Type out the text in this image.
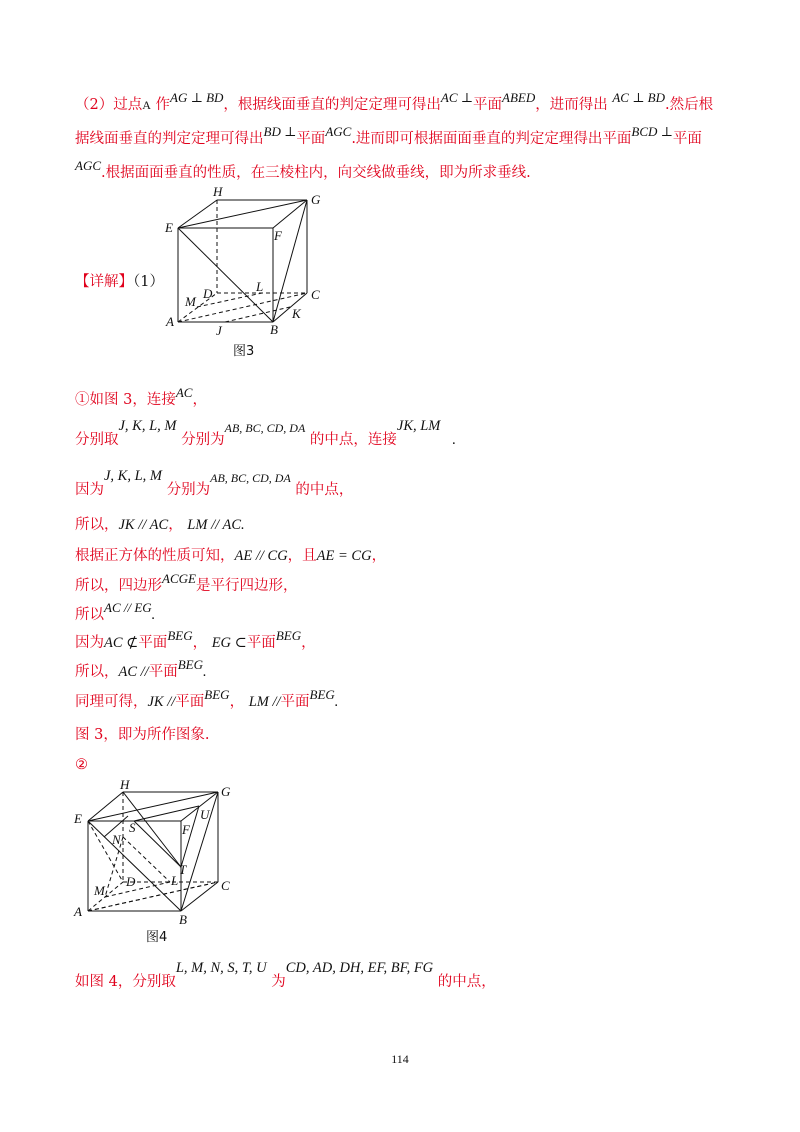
（2）过点A 作AG ⊥ BD，根据线面垂直的判定定理可得出AC ⊥平面ABED，进而得出 AC ⊥ BD.然后根
据线面垂直的判定定理可得出BD ⊥平面AGC.进而即可根据面面垂直的判定定理得出平面BCD ⊥平面
AGC.根据面面垂直的性质，在三棱柱内，向交线做垂线，即为所求垂线.
【详解】（1）
H
G
E
F
L
D	C
M
A
J	B
K
图3
①如图 3，连接AC，
分别取J, K, L, M 分别为$^{AB, BC, CD, DA}$ 的中点，连接JK, LM.
因为J, K, L, M 分别为$^{AB, BC, CD, DA}$ 的中点，
所以，JK // AC， LM // AC.
根据正方体的性质可知，AE // CG，且AE = CG，
所以，四边形ACGE是平行四边形，
所以AC // EG.
因为AC ⊄平面BEG， EG ⊂平面BEG，
所以，AC //平面BEG.
同理可得，JK //平面BEG， LM //平面BEG.
图 3，即为所作图象.
②
H	G
E
S
U
F
N
T
D	L	C
M
A
B
图4
如图 4，分别取L, M, N, S, T, U 为CD, AD, DH, EF, BF, FG 的中点，
114
